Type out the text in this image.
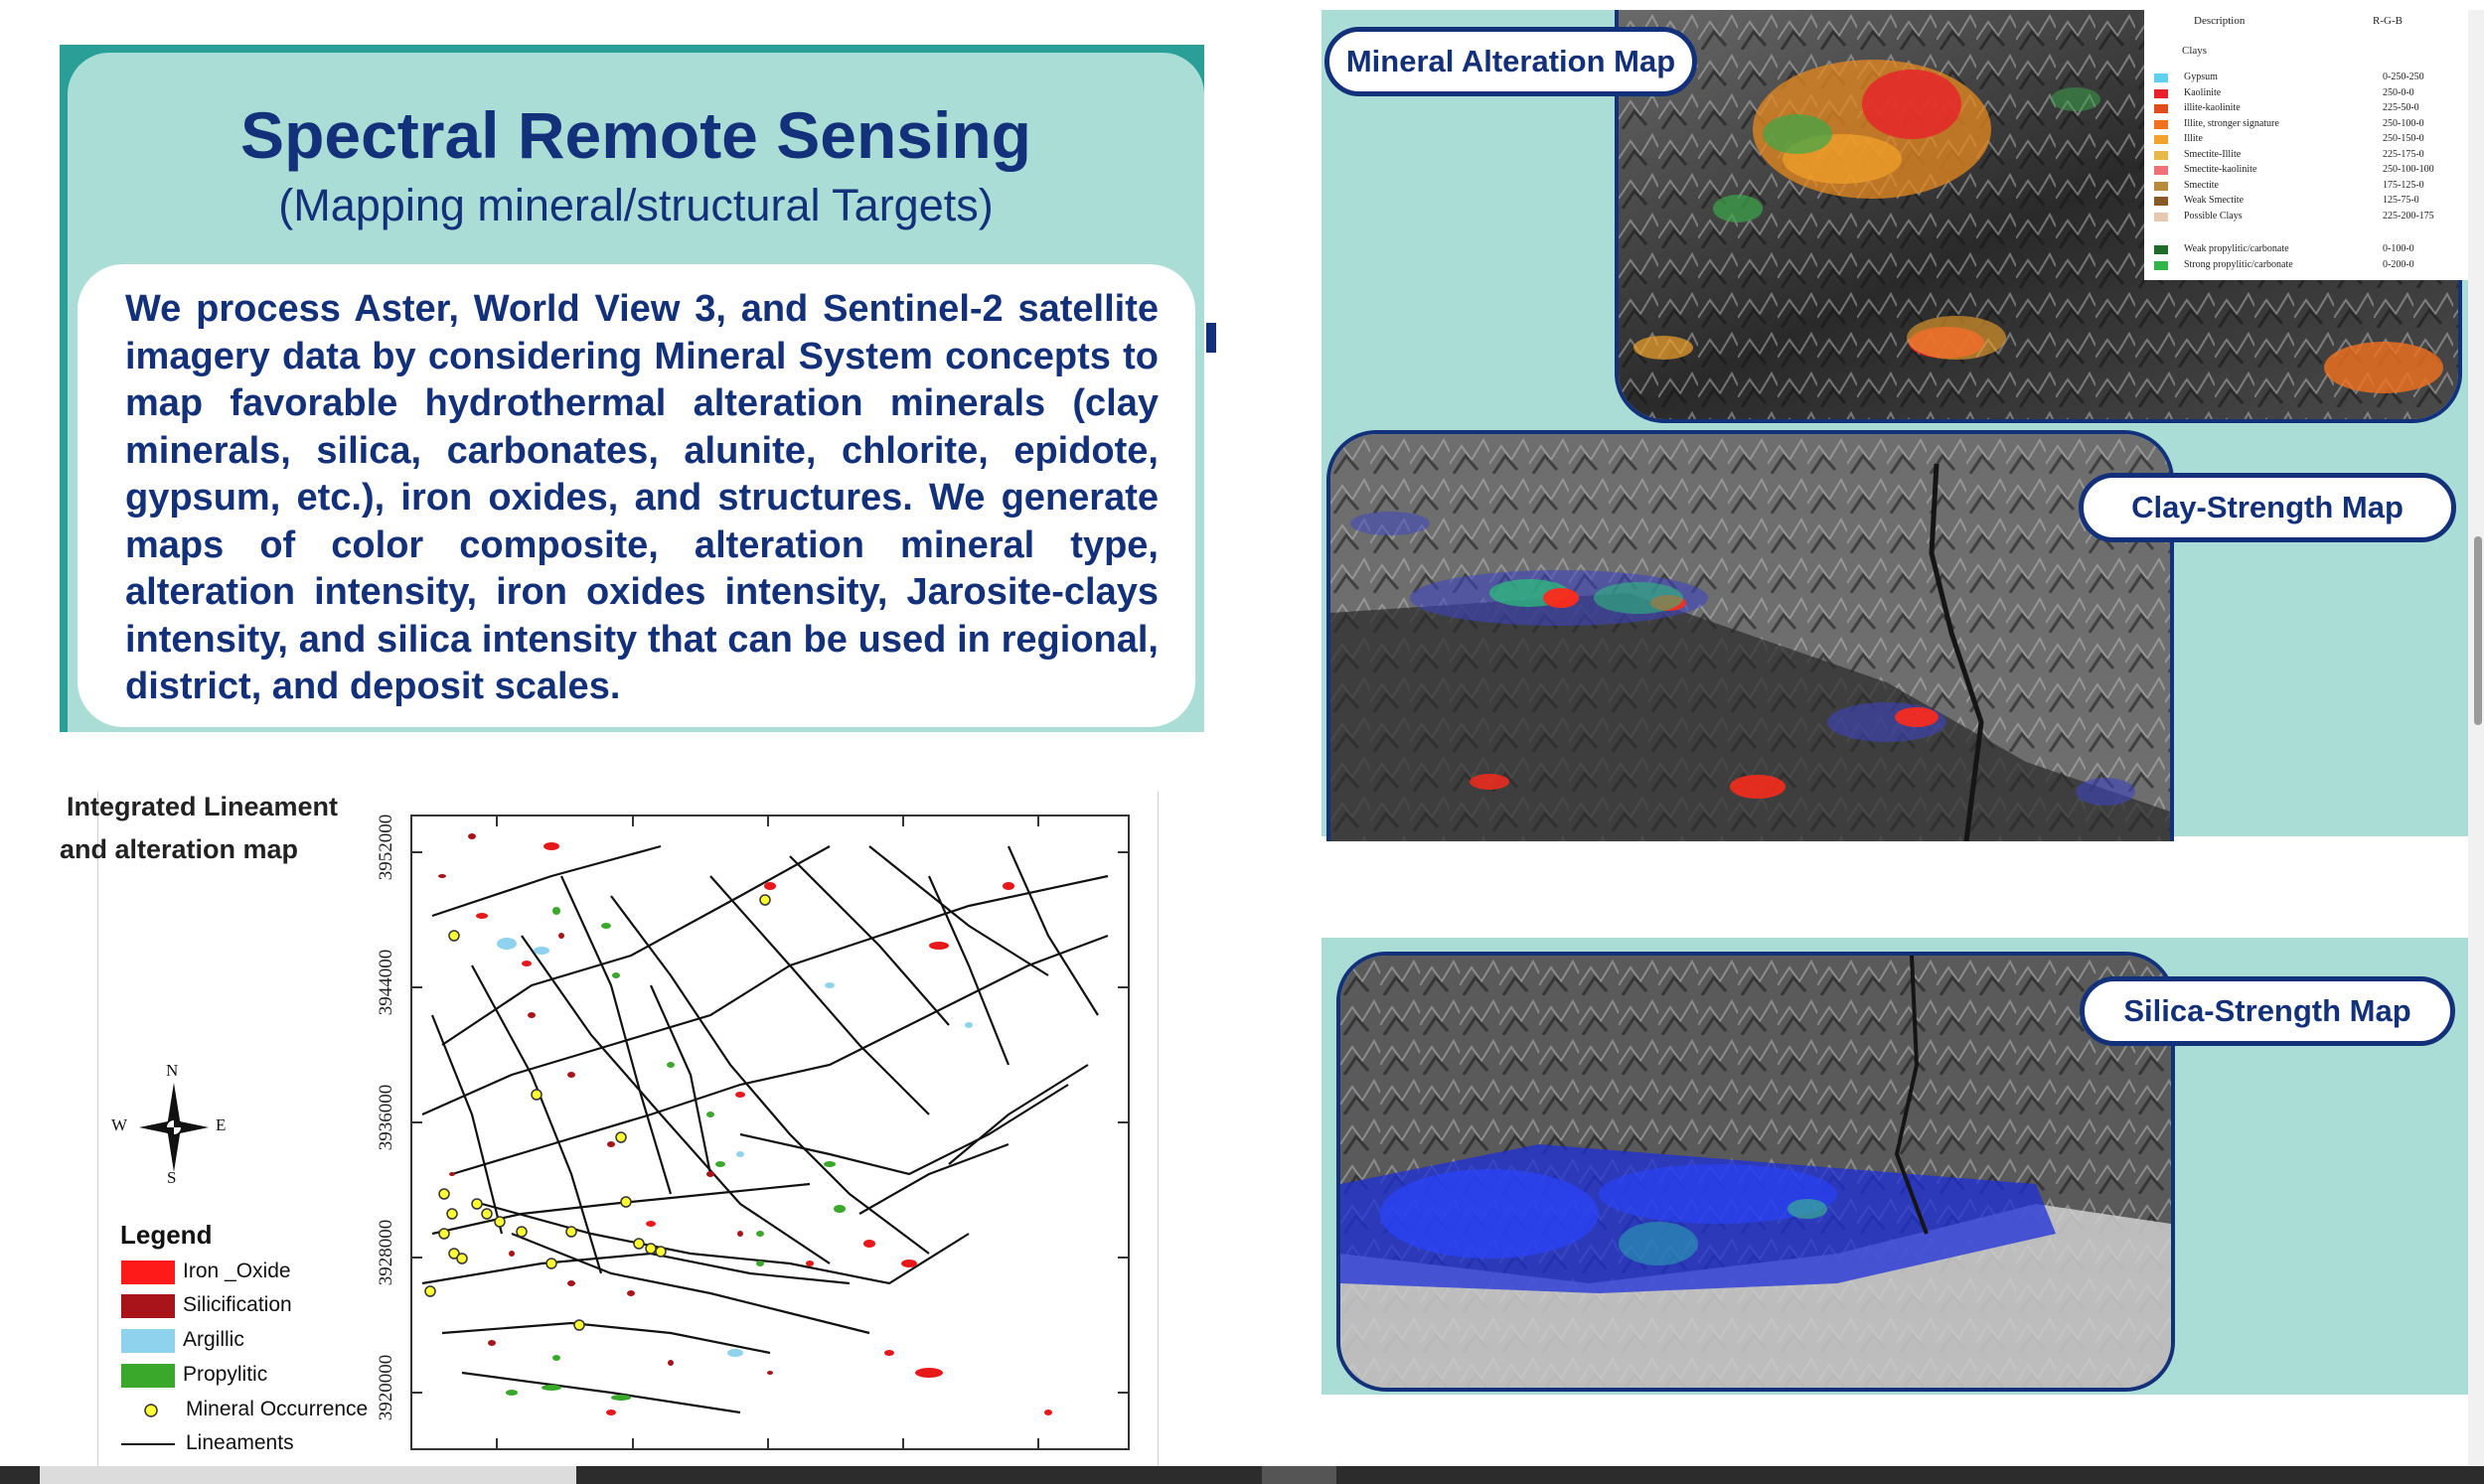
Spectral Remote Sensing
(Mapping mineral/structural Targets)

We process Aster, World View 3, and Sentinel-2 satellite imagery data by considering Mineral System concepts to map favorable hydrothermal alteration minerals (clay minerals, silica, carbonates, alunite, chlorite, epidote, gypsum, etc.), iron oxides, and structures. We generate maps of color composite, alteration mineral type, alteration intensity, iron oxides intensity, Jarosite-clays intensity, and silica intensity that can be used in regional, district, and deposit scales.

Description	R-G-B
Clays
Gypsum	0-250-250
Kaolinite	250-0-0
illite-kaolinite	225-50-0
Illite, stronger signature	250-100-0
Illite	250-150-0
Smectite-Illite	225-175-0
Smectite-kaolinite	250-100-100
Smectite	175-125-0
Weak Smectite	125-75-0
Possible Clays	225-200-175
Weak propylitic/carbonate	0-100-0
Strong propylitic/carbonate	0-200-0
Mineral Alteration Map
Clay-Strength Map
Silica-Strength Map
Integrated Lineament
and alteration map	3952000
3944000
3936000
3928000
3920000
N
S
W	E
Legend
Iron _Oxide
Silicification
Argillic
Propylitic
Mineral Occurrence
Lineaments
